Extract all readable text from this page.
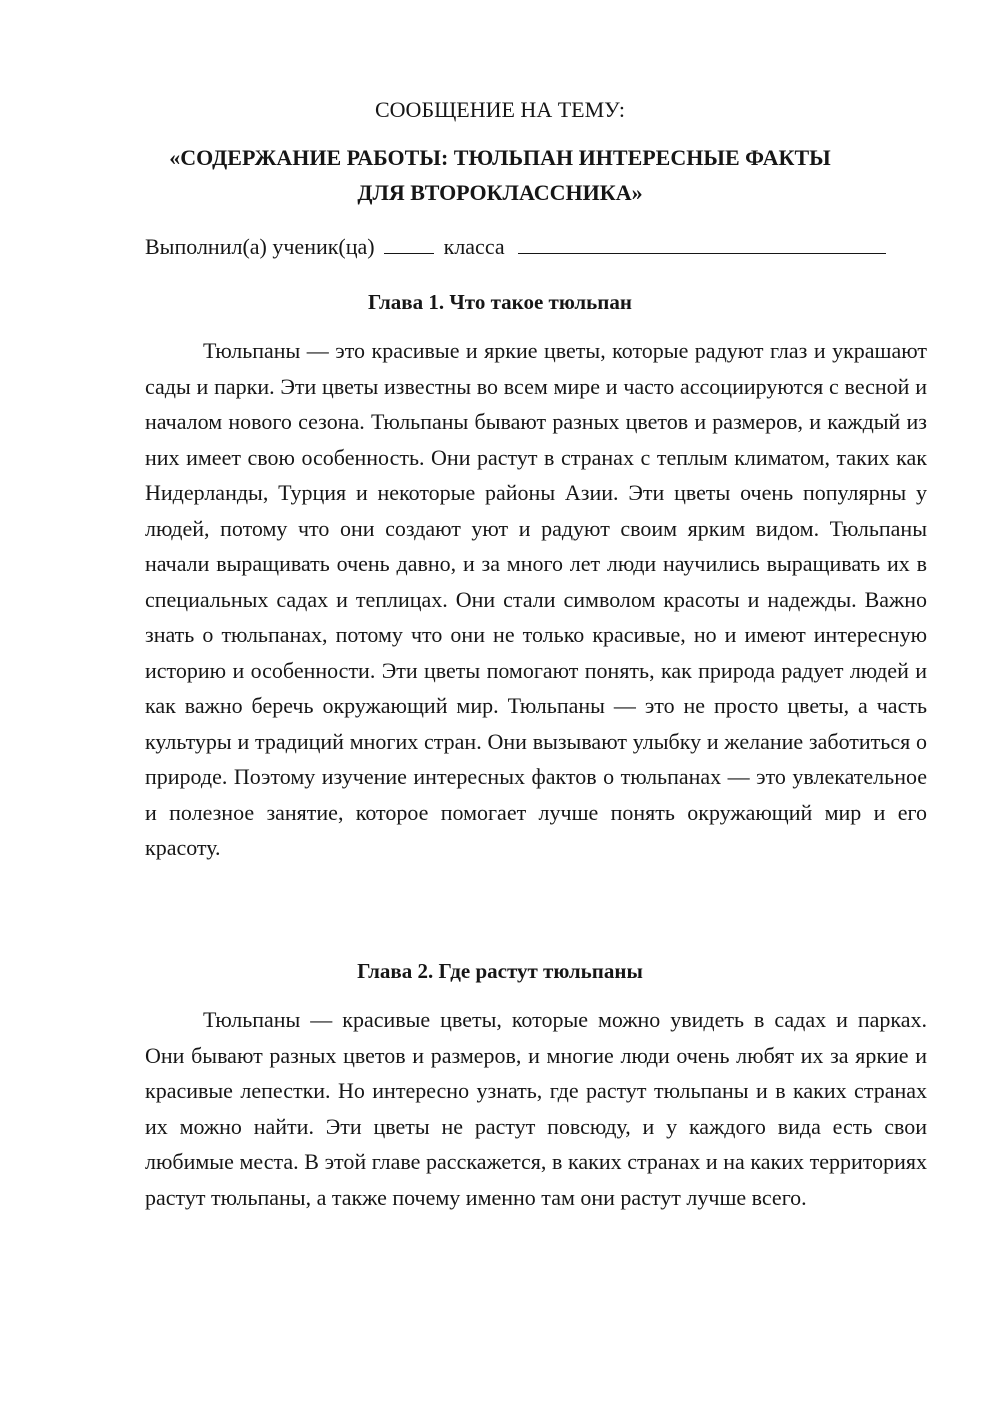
СООБЩЕНИЕ НА ТЕМУ:
«СОДЕРЖАНИЕ РАБОТЫ: ТЮЛЬПАН ИНТЕРЕСНЫЕ ФАКТЫ
ДЛЯ ВТОРОКЛАССНИКА»
Выполнил(а) ученик(ца)	класса
Глава 1. Что такое тюльпан

Тюльпаны — это красивые и яркие цветы, которые радуют глаз и украшают сады и парки. Эти цветы известны во всем мире и часто ассоциируются с весной и началом нового сезона. Тюльпаны бывают разных цветов и размеров, и каждый из них имеет свою особенность. Они растут в странах с теплым климатом, таких как Нидерланды, Турция и некоторые районы Азии. Эти цветы очень популярны у людей, потому что они создают уют и радуют своим ярким видом. Тюльпаны начали выращивать очень давно, и за много лет люди научились выращивать их в специальных садах и теплицах. Они стали символом красоты и надежды. Важно знать о тюльпанах, потому что они не только красивые, но и имеют интересную историю и особенности. Эти цветы помогают понять, как природа радует людей и как важно беречь окружающий мир. Тюльпаны — это не просто цветы, а часть культуры и традиций многих стран. Они вызывают улыбку и желание заботиться о природе. Поэтому изучение интересных фактов о тюльпанах — это увлекательное и полезное занятие, которое помогает лучше понять окружающий мир и его красоту.

Глава 2. Где растут тюльпаны

Тюльпаны — красивые цветы, которые можно увидеть в садах и парках. Они бывают разных цветов и размеров, и многие люди очень любят их за яркие и красивые лепестки. Но интересно узнать, где растут тюльпаны и в каких странах их можно найти. Эти цветы не растут повсюду, и у каждого вида есть свои любимые места. В этой главе расскажется, в каких странах и на каких территориях растут тюльпаны, а также почему именно там они растут лучше всего.
